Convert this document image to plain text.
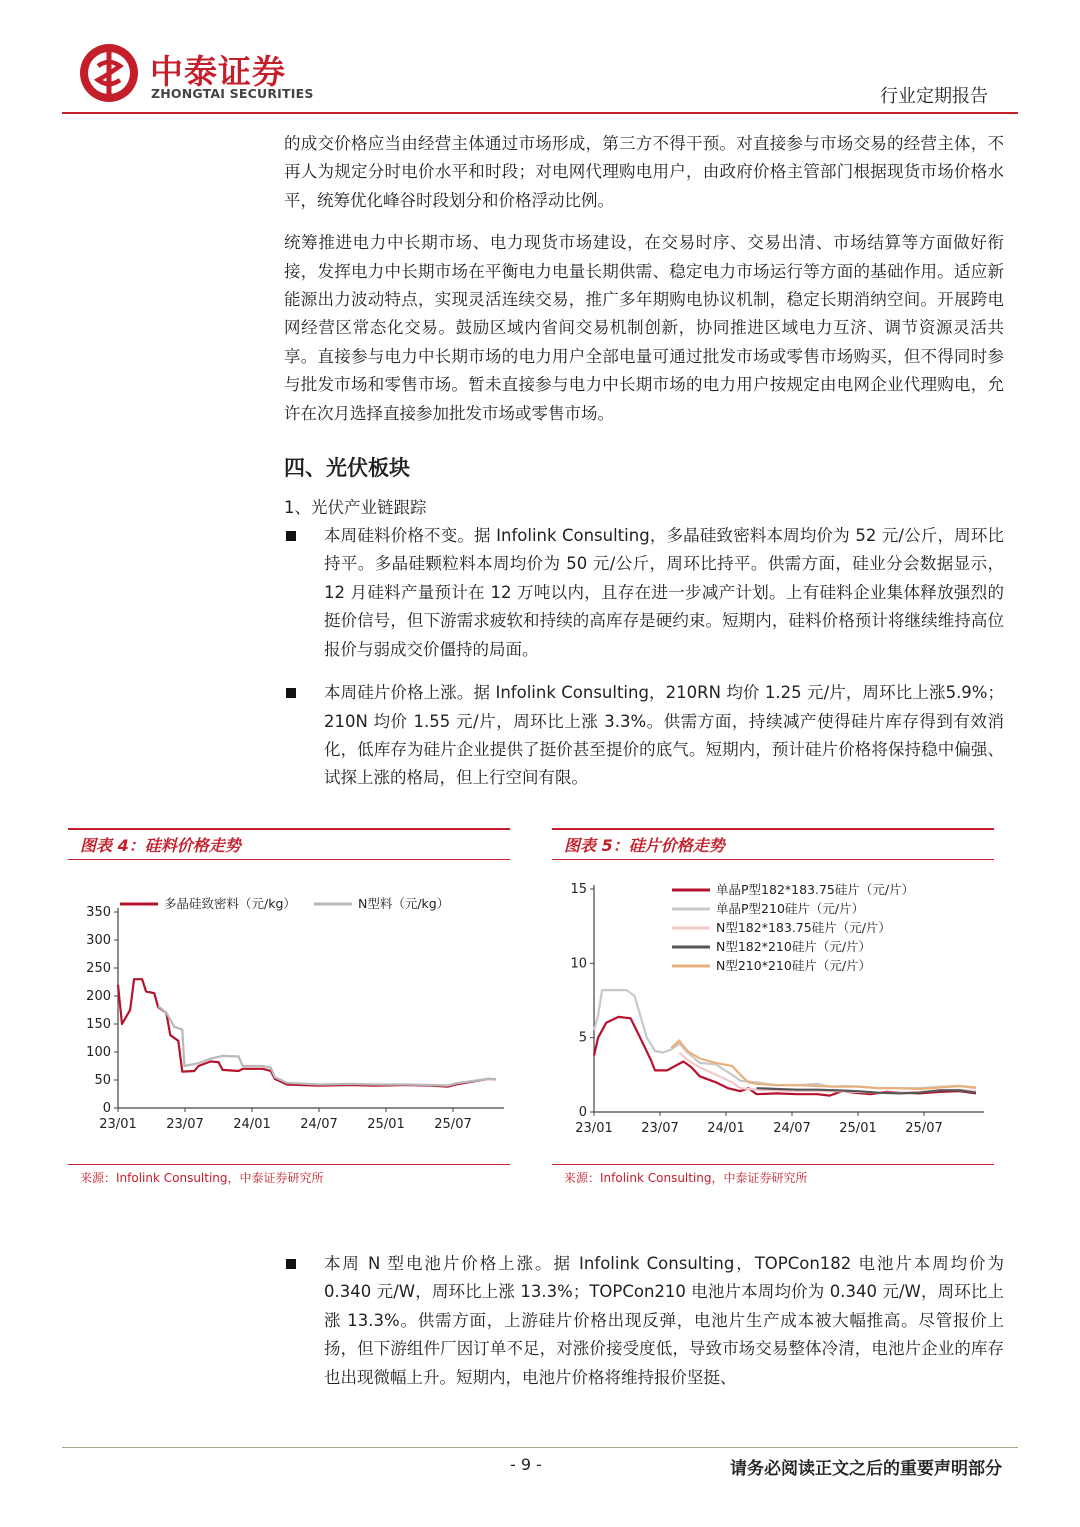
中泰证券
ZHONGTAI SECURITIES	行业定期报告

的成交价格应当由经营主体通过市场形成，第三方不得干预。对直接参与市场交易的经营主体，不再人为规定分时电价水平和时段；对电网代理购电用户，由政府价格主管部门根据现货市场价格水平，统筹优化峰谷时段划分和价格浮动比例。

统筹推进电力中长期市场、电力现货市场建设，在交易时序、交易出清、市场结算等方面做好衔接，发挥电力中长期市场在平衡电力电量长期供需、稳定电力市场运行等方面的基础作用。适应新能源出力波动特点，实现灵活连续交易，推广多年期购电协议机制，稳定长期消纳空间。开展跨电网经营区常态化交易。鼓励区域内省间交易机制创新，协同推进区域电力互济、调节资源灵活共享。直接参与电力中长期市场的电力用户全部电量可通过批发市场或零售市场购买，但不得同时参与批发市场和零售市场。暂未直接参与电力中长期市场的电力用户按规定由电网企业代理购电，允许在次月选择直接参加批发市场或零售市场。

四、光伏板块
1、光伏产业链跟踪
本周硅料价格不变。据 Infolink Consulting，多晶硅致密料本周均价为 52 元/公斤，周环比持平。多晶硅颗粒料本周均价为 50 元/公斤，周环比持平。供需方面，硅业分会数据显示，12 月硅料产量预计在 12 万吨以内，且存在进一步减产计划。上有硅料企业集体释放强烈的挺价信号，但下游需求疲软和持续的高库存是硬约束。短期内，硅料价格预计将继续维持高位报价与弱成交价僵持的局面。
本周硅片价格上涨。据 Infolink Consulting，210RN 均价 1.25 元/片，周环比上涨5.9%；210N 均价 1.55 元/片，周环比上涨 3.3%。供需方面，持续减产使得硅片库存得到有效消化，低库存为硅片企业提供了挺价甚至提价的底气。短期内，预计硅片价格将保持稳中偏强、试探上涨的格局，但上行空间有限。
图表 4：硅料价格走势
0
50
100
150
200
250
300
350
23/01 23/07 24/01 24/07 25/01 25/07
多晶硅致密料（元/kg）	N型料（元/kg）
来源：Infolink Consulting，中泰证券研究所
图表 5：硅片价格走势
0
5
10
15
23/01 23/07 24/01 24/07 25/01 25/07
单晶P型182*183.75硅片（元/片）
单晶P型210硅片（元/片）
N型182*183.75硅片（元/片）
N型182*210硅片（元/片）
N型210*210硅片（元/片）
来源：Infolink Consulting，中泰证券研究所
本周 N 型电池片价格上涨。据 Infolink Consulting，TOPCon182 电池片本周均价为 0.340 元/W，周环比上涨 13.3%；TOPCon210 电池片本周均价为 0.340 元/W，周环比上涨 13.3%。供需方面，上游硅片价格出现反弹，电池片生产成本被大幅推高。尽管报价上扬，但下游组件厂因订单不足，对涨价接受度低，导致市场交易整体冷清，电池片企业的库存也出现微幅上升。短期内，电池片价格将维持报价坚挺、
- 9 -	请务必阅读正文之后的重要声明部分
